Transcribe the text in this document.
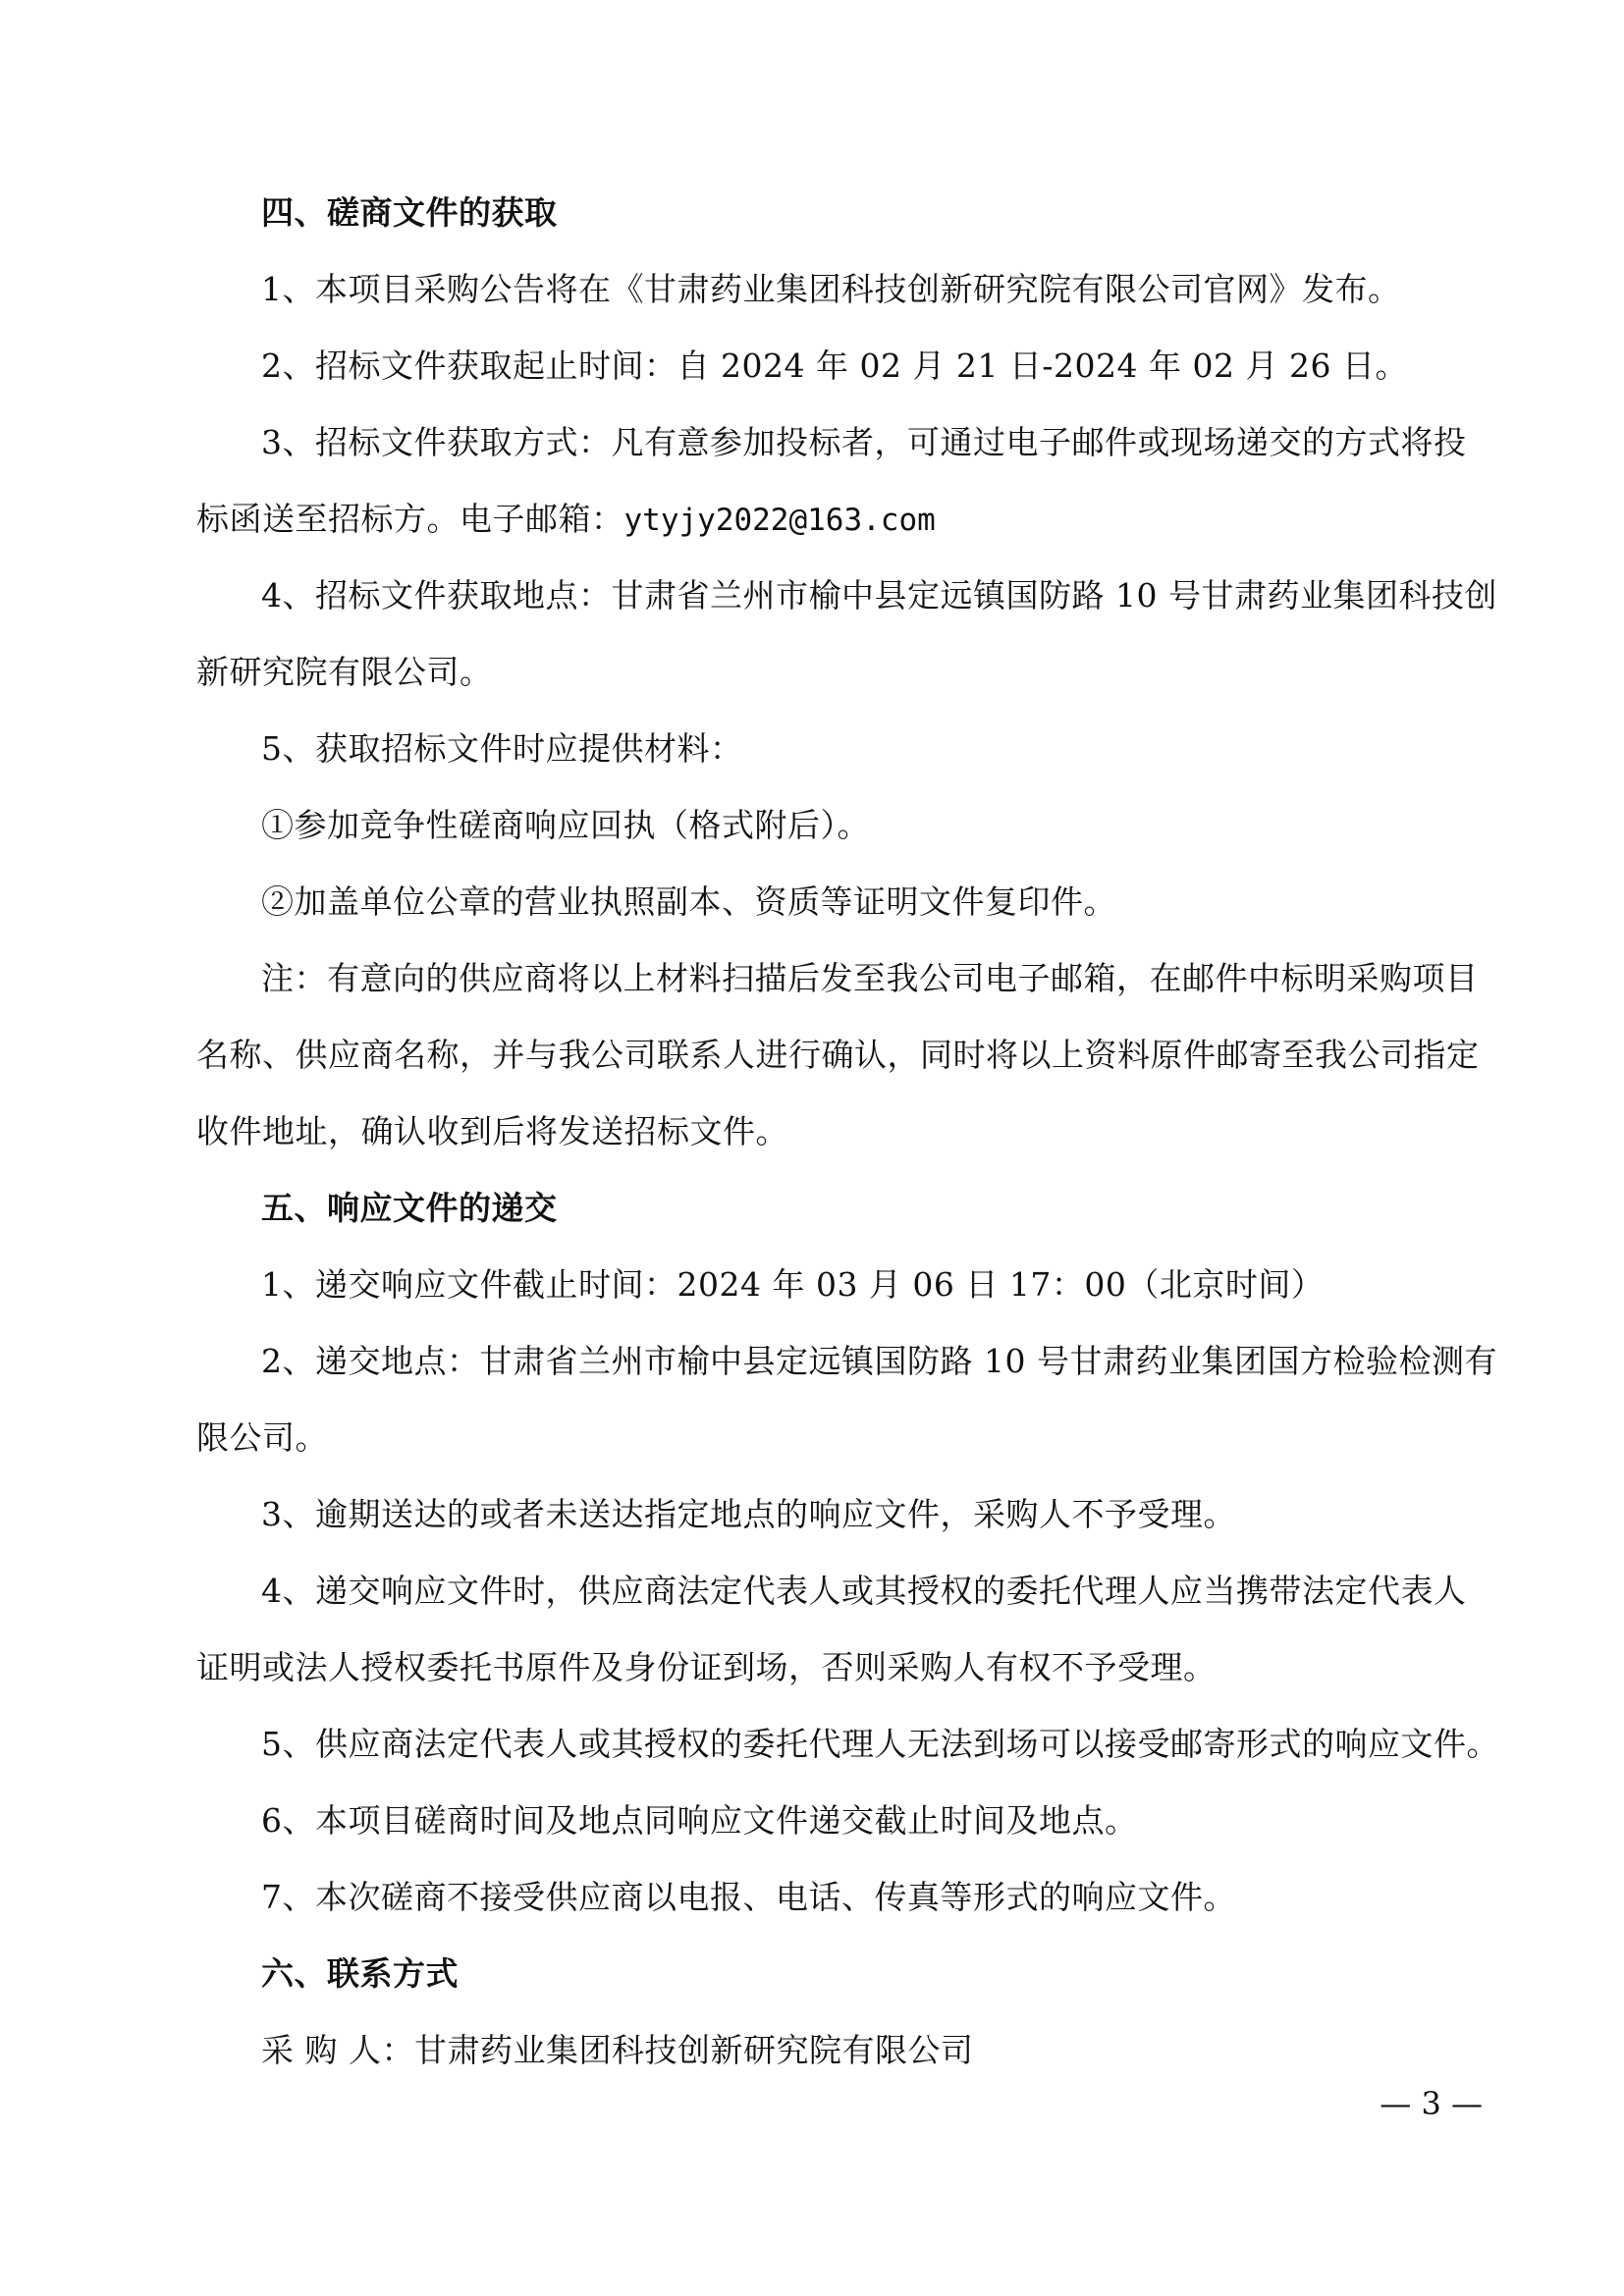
四、磋商文件的获取
1、本项目采购公告将在《甘肃药业集团科技创新研究院有限公司官网》发布。
2、招标文件获取起止时间：自 2024 年 02 月 21 日-2024 年 02 月 26 日。
3、招标文件获取方式：凡有意参加投标者，可通过电子邮件或现场递交的方式将投
标函送至招标方。电子邮箱：ytyjy2022@163.com
4、招标文件获取地点：甘肃省兰州市榆中县定远镇国防路 10 号甘肃药业集团科技创
新研究院有限公司。
5、获取招标文件时应提供材料：
①参加竞争性磋商响应回执（格式附后）。
②加盖单位公章的营业执照副本、资质等证明文件复印件。
注：有意向的供应商将以上材料扫描后发至我公司电子邮箱，在邮件中标明采购项目
名称、供应商名称，并与我公司联系人进行确认，同时将以上资料原件邮寄至我公司指定
收件地址，确认收到后将发送招标文件。
五、响应文件的递交
1、递交响应文件截止时间：2024 年 03 月 06 日 17：00（北京时间）
2、递交地点：甘肃省兰州市榆中县定远镇国防路 10 号甘肃药业集团国方检验检测有
限公司。
3、逾期送达的或者未送达指定地点的响应文件，采购人不予受理。
4、递交响应文件时，供应商法定代表人或其授权的委托代理人应当携带法定代表人
证明或法人授权委托书原件及身份证到场，否则采购人有权不予受理。
5、供应商法定代表人或其授权的委托代理人无法到场可以接受邮寄形式的响应文件。
6、本项目磋商时间及地点同响应文件递交截止时间及地点。
7、本次磋商不接受供应商以电报、电话、传真等形式的响应文件。
六、联系方式
采 购 人：甘肃药业集团科技创新研究院有限公司
— 3 —
